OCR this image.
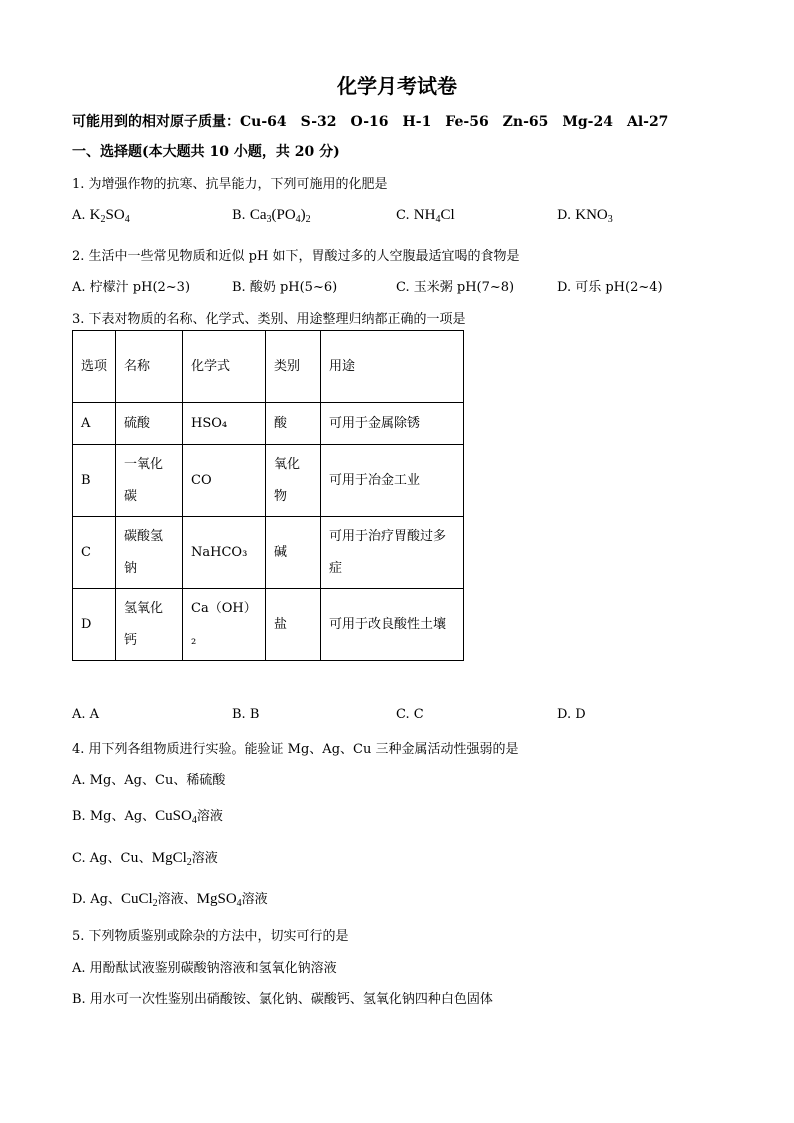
化学月考试卷
可能用到的相对原子质量：Cu-64　S-32　O-16　H-1　Fe-56　Zn-65　Mg-24　Al-27
一、选择题(本大题共 10 小题，共 20 分)
1. 为增强作物的抗寒、抗旱能力，下列可施用的化肥是
A. $K_2SO_4$	B. $Ca_3(PO_4)_2$	C. $NH_4Cl$	D. $KNO_3$
2. 生活中一些常见物质和近似 pH 如下，胃酸过多的人空腹最适宜喝的食物是
A. 柠檬汁 pH(2~3)	B. 酸奶 pH(5~6)	C. 玉米粥 pH(7~8)	D. 可乐 pH(2~4)
3. 下表对物质的名称、化学式、类别、用途整理归纳都正确的一项是
选项	名称	化学式	类别	用途
A	硫酸	HSO₄	酸	可用于金属除锈
B	一氧化碳	CO	氧化物	可用于冶金工业
C	碳酸氢钠	NaHCO₃	碱	可用于治疗胃酸过多症
D	氢氧化钙	Ca（OH）₂	盐	可用于改良酸性土壤
A. A	B. B	C. C	D. D
4. 用下列各组物质进行实验。能验证 Mg、Ag、Cu 三种金属活动性强弱的是
A. Mg、Ag、Cu、稀硫酸
B. Mg、Ag、CuSO$_4$溶液
C. Ag、Cu、MgCl$_2$溶液
D. Ag、CuCl$_2$溶液、MgSO$_4$溶液
5. 下列物质鉴别或除杂的方法中，切实可行的是
A. 用酚酞试液鉴别碳酸钠溶液和氢氧化钠溶液
B. 用水可一次性鉴别出硝酸铵、氯化钠、碳酸钙、氢氧化钠四种白色固体
